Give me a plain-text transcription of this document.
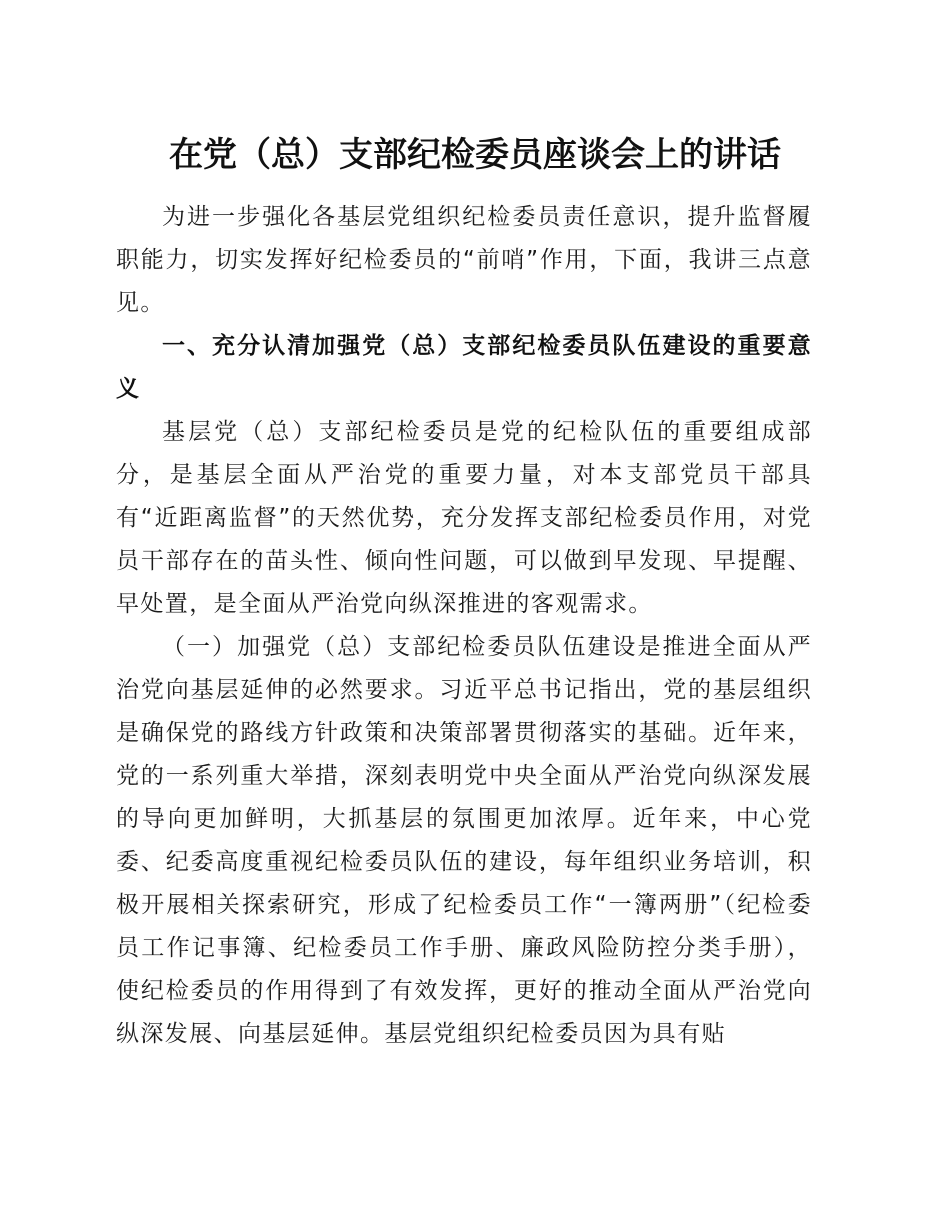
在党（总）支部纪检委员座谈会上的讲话

为进一步强化各基层党组织纪检委员责任意识，提升监督履职能力，切实发挥好纪检委员的“前哨”作用，下面，我讲三点意见。

一、充分认清加强党（总）支部纪检委员队伍建设的重要意义

基层党（总）支部纪检委员是党的纪检队伍的重要组成部分，是基层全面从严治党的重要力量，对本支部党员干部具有“近距离监督”的天然优势，充分发挥支部纪检委员作用，对党员干部存在的苗头性、倾向性问题，可以做到早发现、早提醒、早处置，是全面从严治党向纵深推进的客观需求。

（一）加强党（总）支部纪检委员队伍建设是推进全面从严治党向基层延伸的必然要求。习近平总书记指出，党的基层组织是确保党的路线方针政策和决策部署贯彻落实的基础。近年来，党的一系列重大举措，深刻表明党中央全面从严治党向纵深发展的导向更加鲜明，大抓基层的氛围更加浓厚。近年来，中心党委、纪委高度重视纪检委员队伍的建设，每年组织业务培训，积极开展相关探索研究，形成了纪检委员工作“一簿两册”（纪检委员工作记事簿、纪检委员工作手册、廉政风险防控分类手册），使纪检委员的作用得到了有效发挥，更好的推动全面从严治党向纵深发展、向基层延伸。基层党组织纪检委员因为具有贴
